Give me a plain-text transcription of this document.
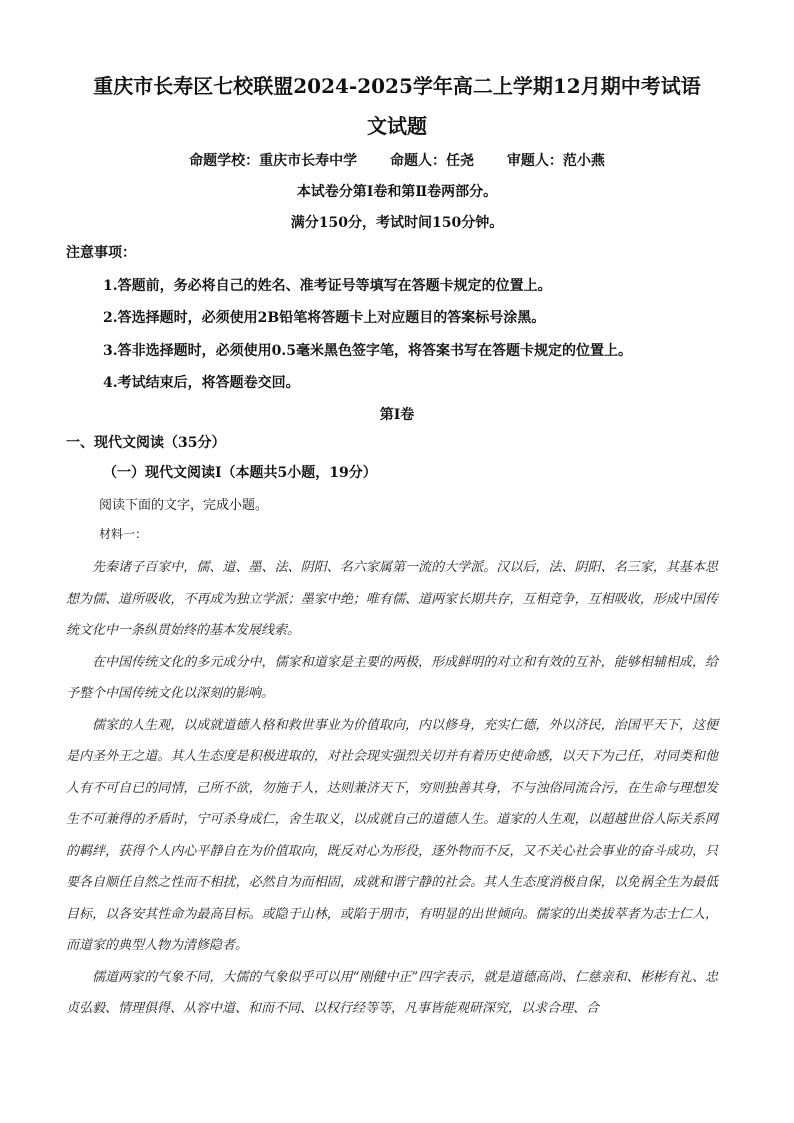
重庆市长寿区七校联盟2024-2025学年高二上学期12月期中考试语
文试题
命题学校：重庆市长寿中学 命题人：任尧 审题人：范小燕
本试卷分第Ⅰ卷和第Ⅱ卷两部分。
满分150分，考试时间150分钟。
注意事项：
1.答题前，务必将自己的姓名、准考证号等填写在答题卡规定的位置上。
2.答选择题时，必须使用2B铅笔将答题卡上对应题目的答案标号涂黑。
3.答非选择题时，必须使用0.5毫米黑色签字笔，将答案书写在答题卡规定的位置上。
4.考试结束后，将答题卷交回。
第Ⅰ卷
一、现代文阅读（35分）
（一）现代文阅读Ⅰ（本题共5小题，19分）
阅读下面的文字，完成小题。
材料一：

先秦诸子百家中，儒、道、墨、法、阴阳、名六家属第一流的大学派。汉以后，法、阴阳、名三家，其基本思想为儒、道所吸收，不再成为独立学派；墨家中绝；唯有儒、道两家长期共存，互相竞争，互相吸收，形成中国传统文化中一条纵贯始终的基本发展线索。

在中国传统文化的多元成分中，儒家和道家是主要的两极，形成鲜明的对立和有效的互补，能够相辅相成，给予整个中国传统文化以深刻的影响。

儒家的人生观，以成就道德人格和救世事业为价值取向，内以修身，充实仁德，外以济民，治国平天下，这便是内圣外王之道。其人生态度是积极进取的，对社会现实强烈关切并有着历史使命感，以天下为己任，对同类和他人有不可自已的同情，己所不欲，勿施于人，达则兼济天下，穷则独善其身，不与浊俗同流合污，在生命与理想发生不可兼得的矛盾时，宁可杀身成仁，舍生取义，以成就自己的道德人生。道家的人生观，以超越世俗人际关系网的羁绊，获得个人内心平静自在为价值取向，既反对心为形役，逐外物而不反，又不关心社会事业的奋斗成功，只要各自顺任自然之性而不相扰，必然自为而相固，成就和谐宁静的社会。其人生态度消极自保，以免祸全生为最低目标，以各安其性命为最高目标。或隐于山林，或陷于朋市，有明显的出世倾向。儒家的出类拔萃者为志士仁人，而道家的典型人物为清修隐者。

儒道两家的气象不同，大儒的气象似乎可以用“刚健中正”四字表示，就是道德高尚、仁慈亲和、彬彬有礼、忠贞弘毅、情理俱得、从容中道、和而不同、以权行经等等，凡事皆能观研深究，以求合理、合
